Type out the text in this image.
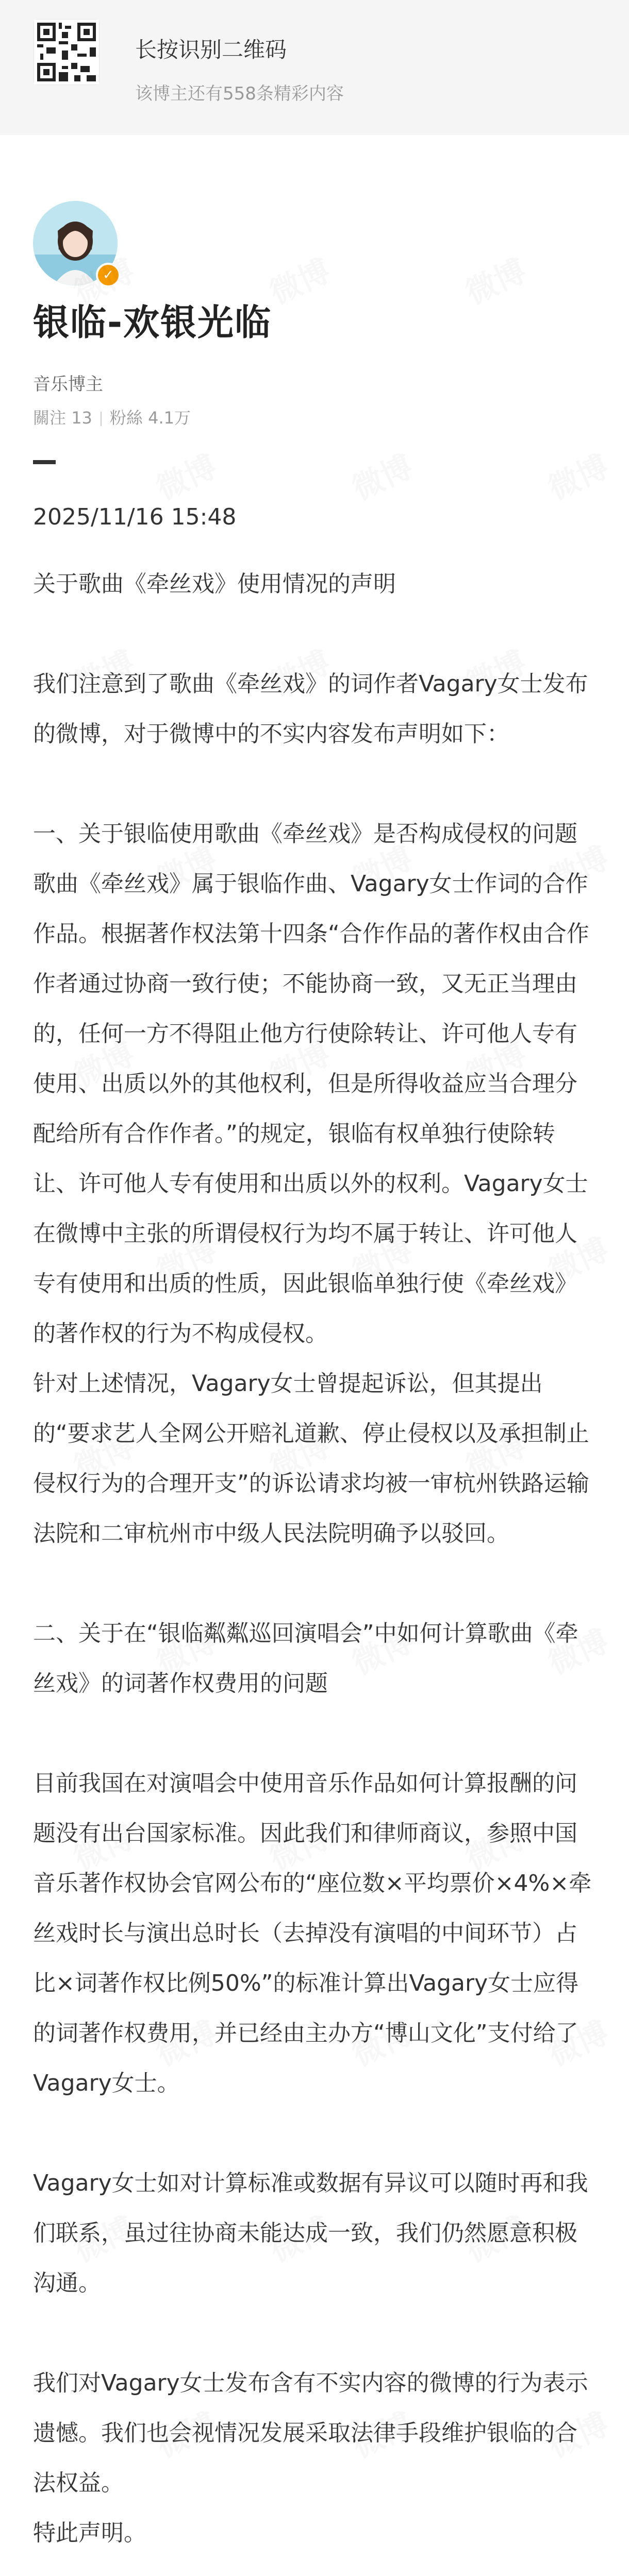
长按识别二维码
该博主还有558条精彩内容
✓
银临-欢银光临
音乐博主
關注 13 粉絲 4.1万
2025/11/16 15:48

关于歌曲《牵丝戏》使用情况的声明

我们注意到了歌曲《牵丝戏》的词作者Vagary女士发布的微博，对于微博中的不实内容发布声明如下：

一、关于银临使用歌曲《牵丝戏》是否构成侵权的问题

歌曲《牵丝戏》属于银临作曲、Vagary女士作词的合作作品。根据著作权法第十四条“合作作品的著作权由合作作者通过协商一致行使；不能协商一致，又无正当理由的，任何一方不得阻止他方行使除转让、许可他人专有使用、出质以外的其他权利，但是所得收益应当合理分配给所有合作作者。”的规定，银临有权单独行使除转让、许可他人专有使用和出质以外的权利。Vagary女士在微博中主张的所谓侵权行为均不属于转让、许可他人专有使用和出质的性质，因此银临单独行使《牵丝戏》的著作权的行为不构成侵权。

针对上述情况，Vagary女士曾提起诉讼，但其提出的“要求艺人全网公开赔礼道歉、停止侵权以及承担制止侵权行为的合理开支”的诉讼请求均被一审杭州铁路运输法院和二审杭州市中级人民法院明确予以驳回。

二、关于在“银临粼粼巡回演唱会”中如何计算歌曲《牵丝戏》的词著作权费用的问题

目前我国在对演唱会中使用音乐作品如何计算报酬的问题没有出台国家标准。因此我们和律师商议，参照中国音乐著作权协会官网公布的“座位数×平均票价×4%×牵丝戏时长与演出总时长（去掉没有演唱的中间环节）占比×词著作权比例50%”的标准计算出Vagary女士应得的词著作权费用，并已经由主办方“博山文化”支付给了Vagary女士。

Vagary女士如对计算标准或数据有异议可以随时再和我们联系，虽过往协商未能达成一致，我们仍然愿意积极沟通。

我们对Vagary女士发布含有不实内容的微博的行为表示遗憾。我们也会视情况发展采取法律手段维护银临的合法权益。

特此声明。
